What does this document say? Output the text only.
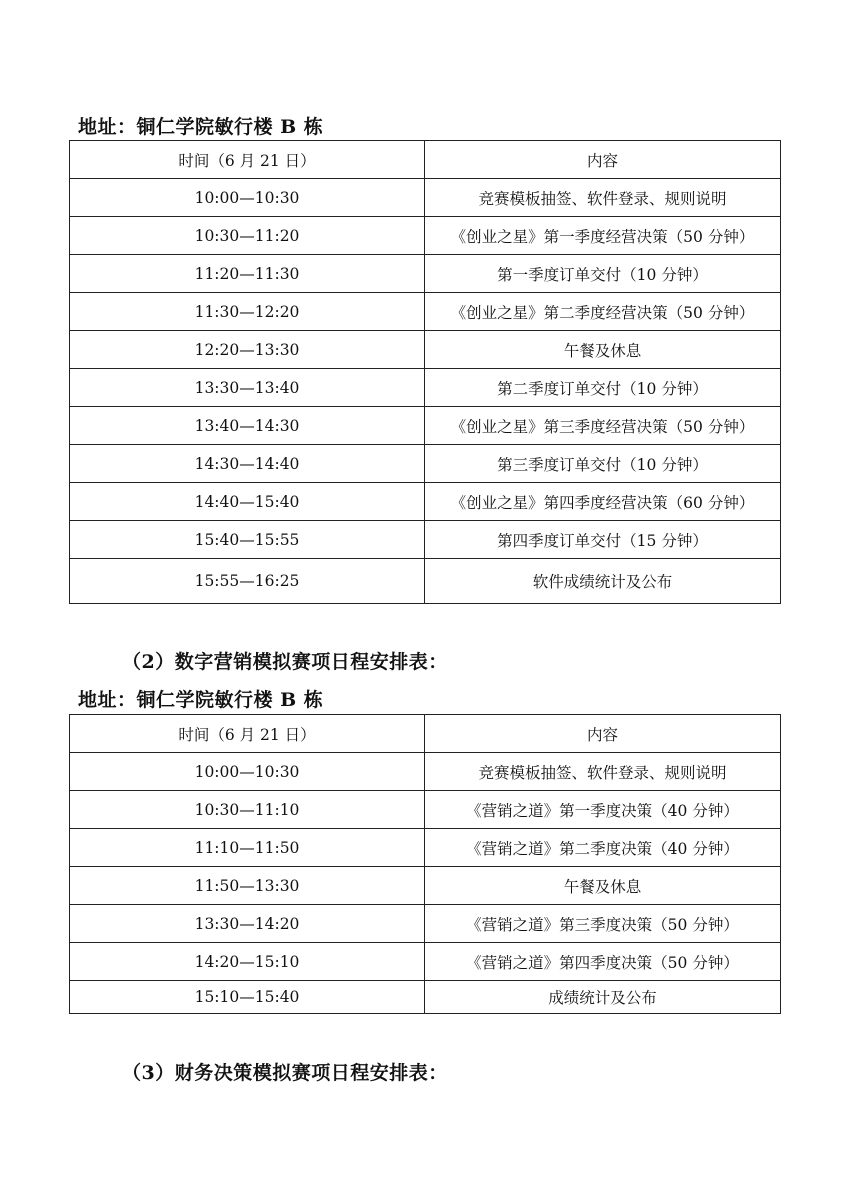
地址：铜仁学院敏行楼 B 栋
时间（6 月 21 日）	内容
10:00—10:30	竞赛模板抽签、软件登录、规则说明
10:30—11:20	《创业之星》第一季度经营决策（50 分钟）
11:20—11:30	第一季度订单交付（10 分钟）
11:30—12:20	《创业之星》第二季度经营决策（50 分钟）
12:20—13:30	午餐及休息
13:30—13:40	第二季度订单交付（10 分钟）
13:40—14:30	《创业之星》第三季度经营决策（50 分钟）
14:30—14:40	第三季度订单交付（10 分钟）
14:40—15:40	《创业之星》第四季度经营决策（60 分钟）
15:40—15:55	第四季度订单交付（15 分钟）
15:55—16:25	软件成绩统计及公布
（2）数字营销模拟赛项日程安排表：
地址：铜仁学院敏行楼 B 栋
时间（6 月 21 日）	内容
10:00—10:30	竞赛模板抽签、软件登录、规则说明
10:30—11:10	《营销之道》第一季度决策（40 分钟）
11:10—11:50	《营销之道》第二季度决策（40 分钟）
11:50—13:30	午餐及休息
13:30—14:20	《营销之道》第三季度决策（50 分钟）
14:20—15:10	《营销之道》第四季度决策（50 分钟）
15:10—15:40	成绩统计及公布
（3）财务决策模拟赛项日程安排表：
